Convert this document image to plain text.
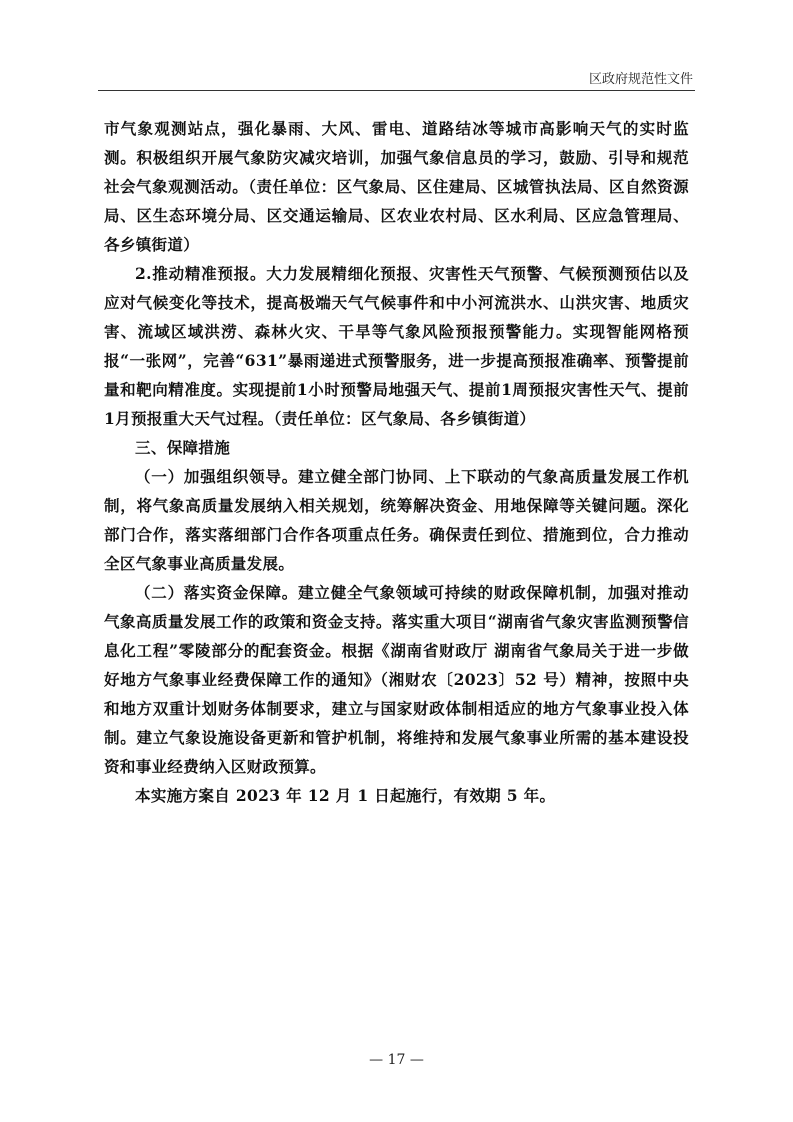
区政府规范性文件

市气象观测站点，强化暴雨、大风、雷电、道路结冰等城市高影响天气的实时监测。积极组织开展气象防灾减灾培训，加强气象信息员的学习，鼓励、引导和规范社会气象观测活动。（责任单位：区气象局、区住建局、区城管执法局、区自然资源局、区生态环境分局、区交通运输局、区农业农村局、区水利局、区应急管理局、各乡镇街道）

2.推动精准预报。大力发展精细化预报、灾害性天气预警、气候预测预估以及应对气候变化等技术，提高极端天气气候事件和中小河流洪水、山洪灾害、地质灾害、流域区域洪涝、森林火灾、干旱等气象风险预报预警能力。实现智能网格预报“一张网”，完善“631”暴雨递进式预警服务，进一步提高预报准确率、预警提前量和靶向精准度。实现提前1小时预警局地强天气、提前1周预报灾害性天气、提前1月预报重大天气过程。（责任单位：区气象局、各乡镇街道）

三、保障措施

（一）加强组织领导。建立健全部门协同、上下联动的气象高质量发展工作机制，将气象高质量发展纳入相关规划，统筹解决资金、用地保障等关键问题。深化部门合作，落实落细部门合作各项重点任务。确保责任到位、措施到位，合力推动全区气象事业高质量发展。

（二）落实资金保障。建立健全气象领域可持续的财政保障机制，加强对推动气象高质量发展工作的政策和资金支持。落实重大项目“湖南省气象灾害监测预警信息化工程”零陵部分的配套资金。根据《湖南省财政厅 湖南省气象局关于进一步做好地方气象事业经费保障工作的通知》（湘财农〔2023〕52 号）精神，按照中央和地方双重计划财务体制要求，建立与国家财政体制相适应的地方气象事业投入体制。建立气象设施设备更新和管护机制，将维持和发展气象事业所需的基本建设投资和事业经费纳入区财政预算。

本实施方案自 2023 年 12 月 1 日起施行，有效期 5 年。

— 17 —
